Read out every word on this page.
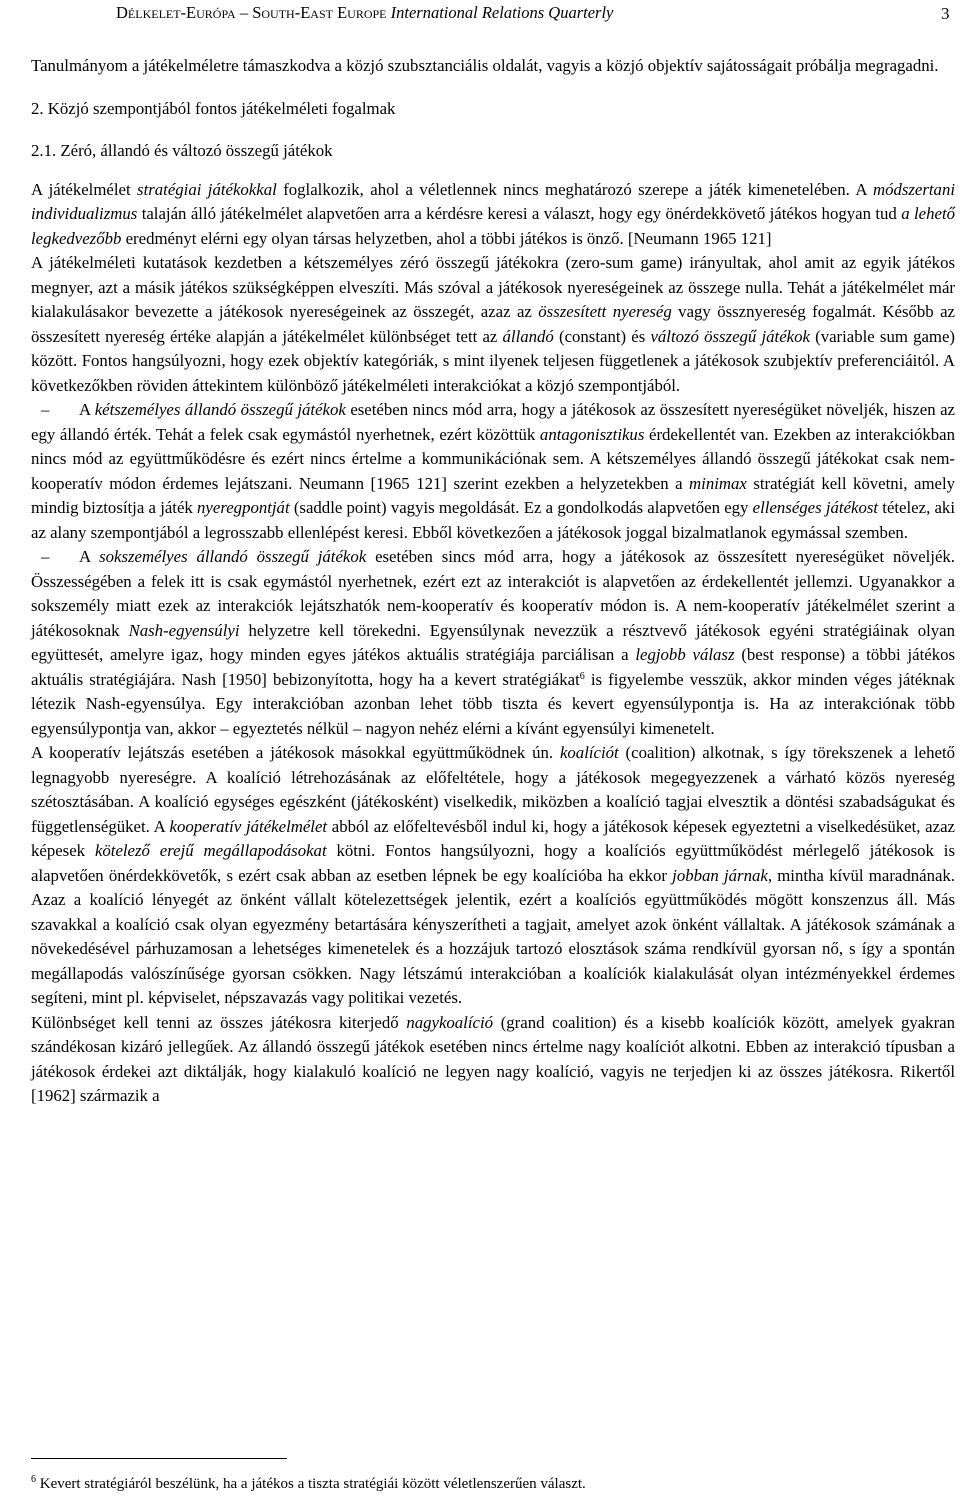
Délkelet-Európa – South-East Europe International Relations Quarterly	3

Tanulmányom a játékelméletre támaszkodva a közjó szubsztanciális oldalát, vagyis a közjó objektív sajátosságait próbálja megragadni.

2. Közjó szempontjából fontos játékelméleti fogalmak

2.1. Zéró, állandó és változó összegű játékok

A játékelmélet stratégiai játékokkal foglalkozik, ahol a véletlennek nincs meghatározó szerepe a játék kimenetelében. A módszertani individualizmus talaján álló játékelmélet alapvetően arra a kérdésre keresi a választ, hogy egy önérdekkövető játékos hogyan tud a lehető legkedvezőbb eredményt elérni egy olyan társas helyzetben, ahol a többi játékos is önző. [Neumann 1965 121]

A játékelméleti kutatások kezdetben a kétszemélyes zéró összegű játékokra (zero-sum game) irányultak, ahol amit az egyik játékos megnyer, azt a másik játékos szükségképpen elveszíti. Más szóval a játékosok nyereségeinek az összege nulla. Tehát a játékelmélet már kialakulásakor bevezette a játékosok nyereségeinek az összegét, azaz az összesített nyereség vagy össznyereség fogalmát. Később az összesített nyereség értéke alapján a játékelmélet különbséget tett az állandó (constant) és változó összegű játékok (variable sum game) között. Fontos hangsúlyozni, hogy ezek objektív kategóriák, s mint ilyenek teljesen függetlenek a játékosok szubjektív preferenciáitól. A következőkben röviden áttekintem különböző játékelméleti interakciókat a közjó szempontjából.

– A kétszemélyes állandó összegű játékok esetében nincs mód arra, hogy a játékosok az összesített nyereségüket növeljék, hiszen az egy állandó érték. Tehát a felek csak egymástól nyerhetnek, ezért közöttük antagonisztikus érdekellentét van. Ezekben az interakciókban nincs mód az együttműködésre és ezért nincs értelme a kommunikációnak sem. A kétszemélyes állandó összegű játékokat csak nem-kooperatív módon érdemes lejátszani. Neumann [1965 121] szerint ezekben a helyzetekben a minimax stratégiát kell követni, amely mindig biztosítja a játék nyeregpontját (saddle point) vagyis megoldását. Ez a gondolkodás alapvetően egy ellenséges játékost tételez, aki az alany szempontjából a legrosszabb ellenlépést keresi. Ebből következően a játékosok joggal bizalmatlanok egymással szemben.

– A sokszemélyes állandó összegű játékok esetében sincs mód arra, hogy a játékosok az összesített nyereségüket növeljék. Összességében a felek itt is csak egymástól nyerhetnek, ezért ezt az interakciót is alapvetően az érdekellentét jellemzi. Ugyanakkor a sokszemély miatt ezek az interakciók lejátszhatók nem-kooperatív és kooperatív módon is. A nem-kooperatív játékelmélet szerint a játékosoknak Nash-egyensúlyi helyzetre kell törekedni. Egyensúlynak nevezzük a résztvevő játékosok egyéni stratégiáinak olyan együttesét, amelyre igaz, hogy minden egyes játékos aktuális stratégiája parciálisan a legjobb válasz (best response) a többi játékos aktuális stratégiájára. Nash [1950] bebizonyította, hogy ha a kevert stratégiákat$^6$ is figyelembe vesszük, akkor minden véges játéknak létezik Nash-egyensúlya. Egy interakcióban azonban lehet több tiszta és kevert egyensúlypontja is. Ha az interakciónak több egyensúlypontja van, akkor – egyeztetés nélkül – nagyon nehéz elérni a kívánt egyensúlyi kimenetelt.

A kooperatív lejátszás esetében a játékosok másokkal együttműködnek ún. koalíciót (coalition) alkotnak, s így törekszenek a lehető legnagyobb nyereségre. A koalíció létrehozásának az előfeltétele, hogy a játékosok megegyezzenek a várható közös nyereség szétosztásában. A koalíció egységes egészként (játékosként) viselkedik, miközben a koalíció tagjai elvesztik a döntési szabadságukat és függetlenségüket. A kooperatív játékelmélet abból az előfeltevésből indul ki, hogy a játékosok képesek egyeztetni a viselkedésüket, azaz képesek kötelező erejű megállapodásokat kötni. Fontos hangsúlyozni, hogy a koalíciós együttműködést mérlegelő játékosok is alapvetően önérdekkövetők, s ezért csak abban az esetben lépnek be egy koalícióba ha ekkor jobban járnak, mintha kívül maradnának. Azaz a koalíció lényegét az önként vállalt kötelezettségek jelentik, ezért a koalíciós együttműködés mögött konszenzus áll. Más szavakkal a koalíció csak olyan egyezmény betartására kényszerítheti a tagjait, amelyet azok önként vállaltak. A játékosok számának a növekedésével párhuzamosan a lehetséges kimenetelek és a hozzájuk tartozó elosztások száma rendkívül gyorsan nő, s így a spontán megállapodás valószínűsége gyorsan csökken. Nagy létszámú interakcióban a koalíciók kialakulását olyan intézményekkel érdemes segíteni, mint pl. képviselet, népszavazás vagy politikai vezetés.

Különbséget kell tenni az összes játékosra kiterjedő nagykoalíció (grand coalition) és a kisebb koalíciók között, amelyek gyakran szándékosan kizáró jellegűek. Az állandó összegű játékok esetében nincs értelme nagy koalíciót alkotni. Ebben az interakció típusban a játékosok érdekei azt diktálják, hogy kialakuló koalíció ne legyen nagy koalíció, vagyis ne terjedjen ki az összes játékosra. Rikertől [1962] származik a

$^6$ Kevert stratégiáról beszélünk, ha a játékos a tiszta stratégiái között véletlenszerűen választ.
